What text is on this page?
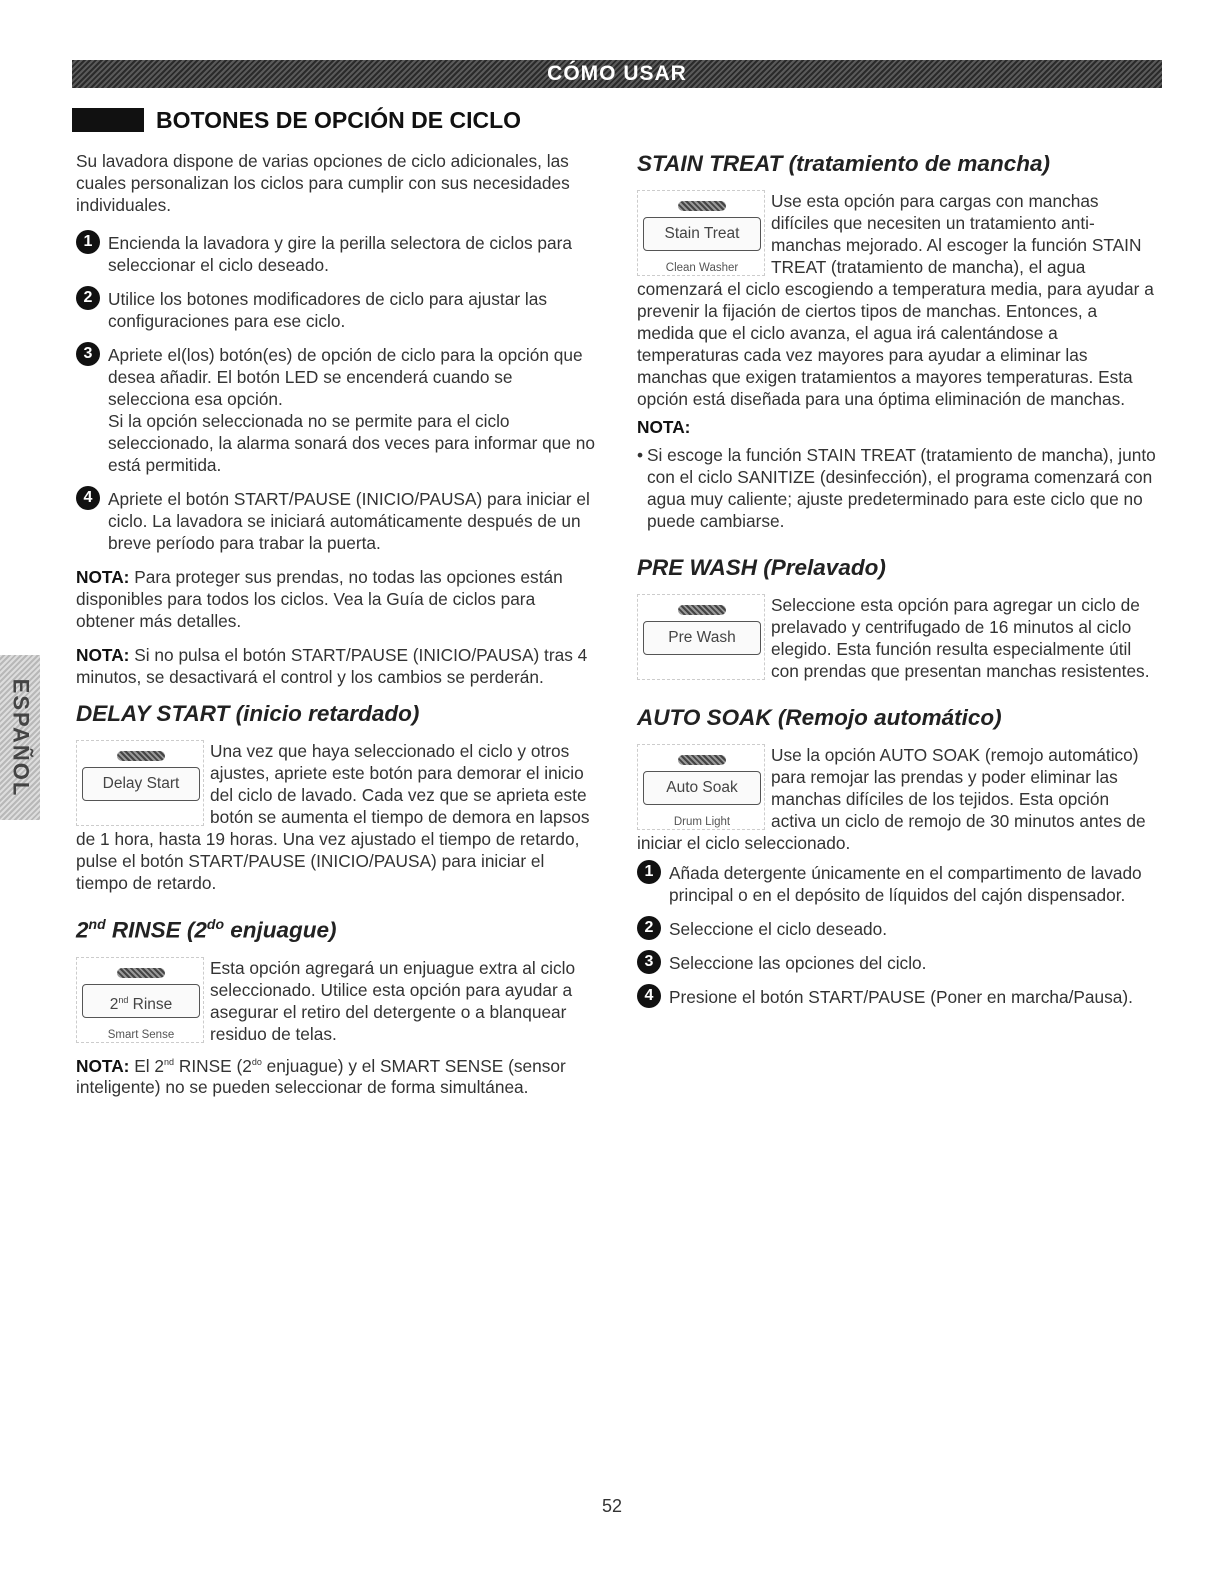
CÓMO USAR
BOTONES DE OPCIÓN DE CICLO
ESPAÑOL

Su lavadora dispone de varias opciones de ciclo adicionales, las cuales personalizan los ciclos para cumplir con sus necesidades individuales.

1 Encienda la lavadora y gire la perilla selectora de ciclos para seleccionar el ciclo deseado.
2 Utilice los botones modificadores de ciclo para ajustar las configuraciones para ese ciclo.
3 Apriete el(los) botón(es) de opción de ciclo para la opción que desea añadir. El botón LED se encenderá cuando se selecciona esa opción.
Si la opción seleccionada no se permite para el ciclo seleccionado, la alarma sonará dos veces para informar que no está permitida.
4 Apriete el botón START/PAUSE (INICIO/PAUSA) para iniciar el ciclo. La lavadora se iniciará automáticamente después de un breve período para trabar la puerta.

NOTA: Para proteger sus prendas, no todas las opciones están disponibles para todos los ciclos. Vea la Guía de ciclos para obtener más detalles.

NOTA: Si no pulsa el botón START/PAUSE (INICIO/PAUSA) tras 4 minutos, se desactivará el control y los cambios se perderán.

DELAY START (inicio retardado)
Delay Start
Una vez que haya seleccionado el ciclo y otros ajustes, apriete este botón para demorar el inicio del ciclo de lavado. Cada vez que se aprieta este botón se aumenta el tiempo de demora en lapsos de 1 hora, hasta 19 horas. Una vez ajustado el tiempo de retardo, pulse el botón START/PAUSE (INICIO/PAUSA) para iniciar el tiempo de retardo.
2nd RINSE ($2^{do}$ enjuague)
2nd Rinse
Smart Sense
Esta opción agregará un enjuague extra al ciclo seleccionado. Utilice esta opción para ayudar a asegurar el retiro del detergente o a blanquear residuo de telas.

NOTA: El 2nd RINSE ($2^{do}$ enjuague) y el SMART SENSE (sensor inteligente) no se pueden seleccionar de forma simultánea.

STAIN TREAT (tratamiento de mancha)
Stain Treat
Clean Washer
Use esta opción para cargas con manchas difíciles que necesiten un tratamiento anti-manchas mejorado. Al escoger la función STAIN TREAT (tratamiento de mancha), el agua comenzará el ciclo escogiendo a temperatura media, para ayudar a prevenir la fijación de ciertos tipos de manchas. Entonces, a medida que el ciclo avanza, el agua irá calentándose a temperaturas cada vez mayores para ayudar a eliminar las manchas que exigen tratamientos a mayores temperaturas. Esta opción está diseñada para una óptima eliminación de manchas.

NOTA:

• Si escoge la función STAIN TREAT (tratamiento de mancha), junto con el ciclo SANITIZE (desinfección), el programa comenzará con agua muy caliente; ajuste predeterminado para este ciclo que no puede cambiarse.
PRE WASH (Prelavado)
Pre Wash
Seleccione esta opción para agregar un ciclo de prelavado y centrifugado de 16 minutos al ciclo elegido. Esta función resulta especialmente útil con prendas que presentan manchas resistentes.
AUTO SOAK (Remojo automático)
Auto Soak
Drum Light
Use la opción AUTO SOAK (remojo automático) para remojar las prendas y poder eliminar las manchas difíciles de los tejidos. Esta opción activa un ciclo de remojo de 30 minutos antes de iniciar el ciclo seleccionado.
1 Añada detergente únicamente en el compartimento de lavado principal o en el depósito de líquidos del cajón dispensador.
2 Seleccione el ciclo deseado.
3 Seleccione las opciones del ciclo.
4 Presione el botón START/PAUSE (Poner en marcha/Pausa).
52
